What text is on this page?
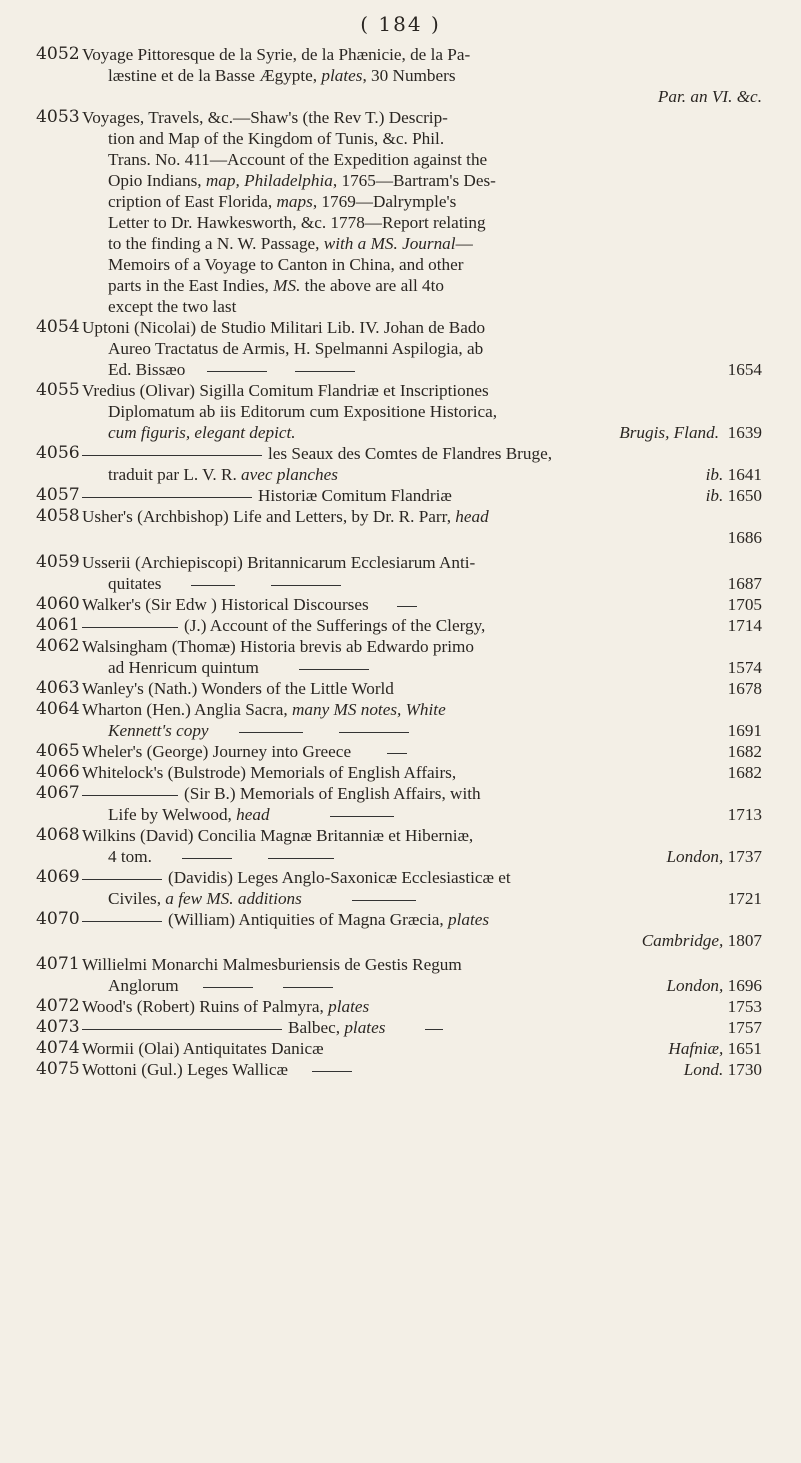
( 184 )
4052 Voyage Pittoresque de la Syrie, de la Phænicie, de la Pa-
læstine et de la Basse Ægypte, plates, 30 Numbers
Par. an VI. &c.
4053 Voyages, Travels, &c.—Shaw's (the Rev T.) Descrip-
tion and Map of the Kingdom of Tunis, &c. Phil.
Trans. No. 411—Account of the Expedition against the
Opio Indians, map, Philadelphia, 1765—Bartram's Des-
cription of East Florida, maps, 1769—Dalrymple's
Letter to Dr. Hawkesworth, &c. 1778—Report relating
to the finding a N. W. Passage, with a MS. Journal—
Memoirs of a Voyage to Canton in China, and other
parts in the East Indies, MS. the above are all 4to
except the two last
4054 Uptoni (Nicolai) de Studio Militari Lib. IV. Johan de Bado
Aureo Tractatus de Armis, H. Spelmanni Aspilogia, ab
Ed. Bissæo	1654
4055 Vredius (Olivar) Sigilla Comitum Flandriæ et Inscriptiones
Diplomatum ab iis Editorum cum Expositione Historica,
cum figuris, elegant depict.	Brugis, Fland. 1639
4056	les Seaux des Comtes de Flandres Bruge,
traduit par L. V. R. avec planches	ib. 1641
4057	Historiæ Comitum Flandriæ	ib. 1650
4058 Usher's (Archbishop) Life and Letters, by Dr. R. Parr, head
1686
4059 Usserii (Archiepiscopi) Britannicarum Ecclesiarum Anti-
quitates	1687
4060 Walker's (Sir Edw ) Historical Discourses	1705
4061	(J.) Account of the Sufferings of the Clergy,	1714
4062 Walsingham (Thomæ) Historia brevis ab Edwardo primo
ad Henricum quintum	1574
4063 Wanley's (Nath.) Wonders of the Little World	1678
4064 Wharton (Hen.) Anglia Sacra, many MS notes, White
Kennett's copy	1691
4065 Wheler's (George) Journey into Greece	1682
4066 Whitelock's (Bulstrode) Memorials of English Affairs,	1682
4067	(Sir B.) Memorials of English Affairs, with
Life by Welwood, head	1713
4068 Wilkins (David) Concilia Magnæ Britanniæ et Hiberniæ,
4 tom.	London, 1737
4069	(Davidis) Leges Anglo-Saxonicæ Ecclesiasticæ et
Civiles, a few MS. additions	1721
4070	(William) Antiquities of Magna Græcia, plates
Cambridge, 1807
4071 Willielmi Monarchi Malmesburiensis de Gestis Regum
Anglorum	London, 1696
4072 Wood's (Robert) Ruins of Palmyra, plates	1753
4073	Balbec, plates	1757
4074 Wormii (Olai) Antiquitates Danicæ	Hafniæ, 1651
4075 Wottoni (Gul.) Leges Wallicæ	Lond. 1730
